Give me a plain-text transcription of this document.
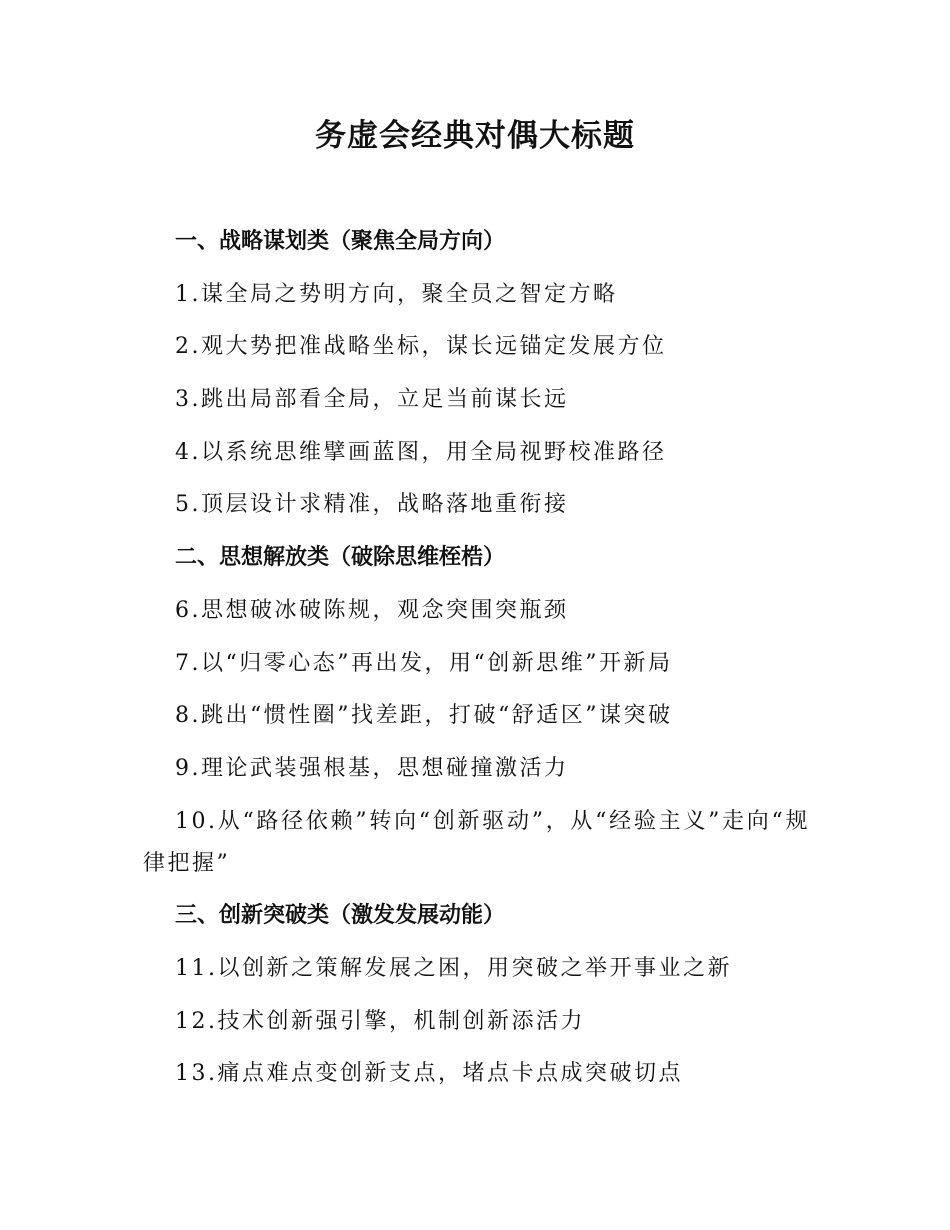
务虚会经典对偶大标题

一、战略谋划类（聚焦全局方向）

1.谋全局之势明方向，聚全员之智定方略

2.观大势把准战略坐标，谋长远锚定发展方位

3.跳出局部看全局，立足当前谋长远

4.以系统思维擘画蓝图，用全局视野校准路径

5.顶层设计求精准，战略落地重衔接

二、思想解放类（破除思维桎梏）

6.思想破冰破陈规，观念突围突瓶颈

7.以“归零心态”再出发，用“创新思维”开新局

8.跳出“惯性圈”找差距，打破“舒适区”谋突破

9.理论武装强根基，思想碰撞激活力

10.从“路径依赖”转向“创新驱动”，从“经验主义”走向“规律把握”

三、创新突破类（激发发展动能）

11.以创新之策解发展之困，用突破之举开事业之新

12.技术创新强引擎，机制创新添活力

13.痛点难点变创新支点，堵点卡点成突破切点
